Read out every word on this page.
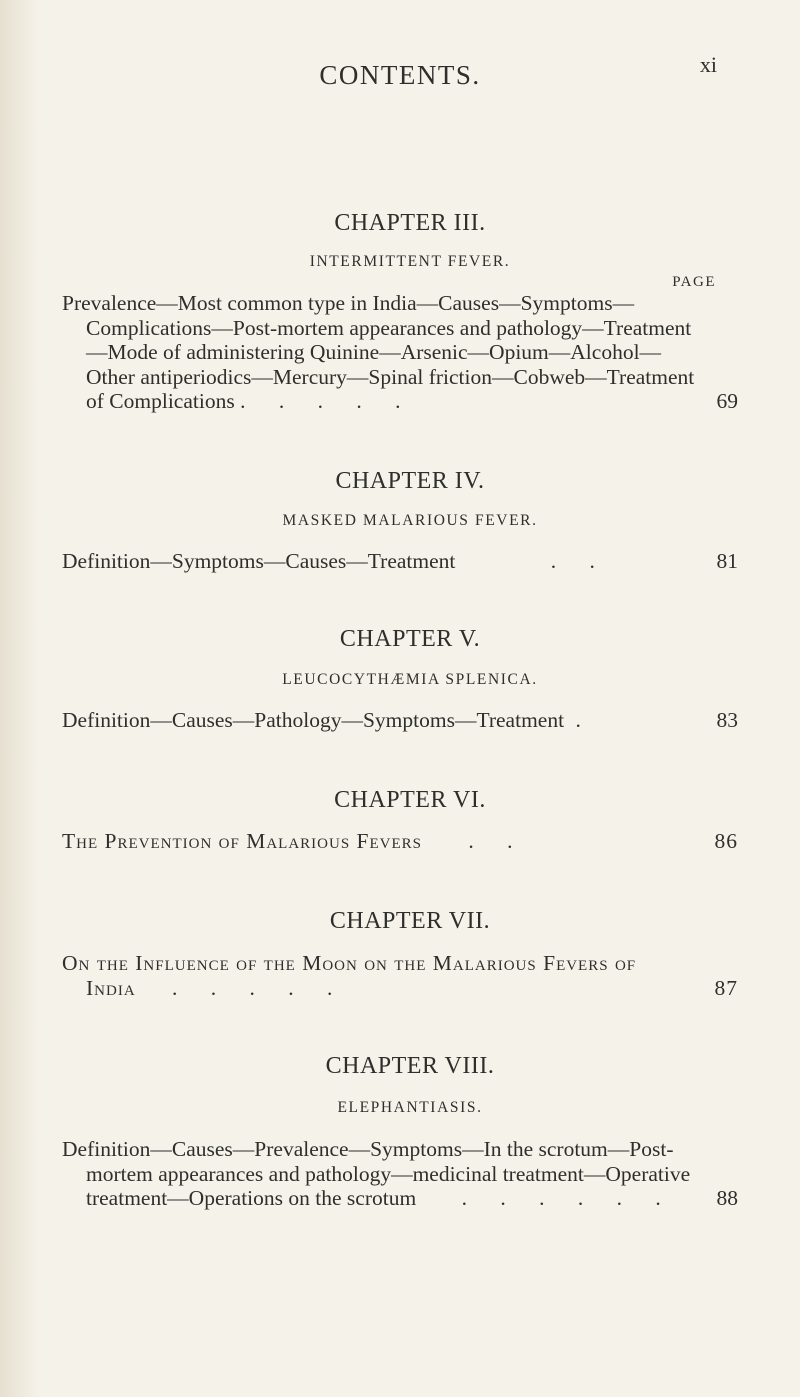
CONTENTS.	xi
CHAPTER III.
INTERMITTENT FEVER.
PAGE
Prevalence—Most common type in India—Causes—Symptoms—Complications—Post-mortem appearances and pathology—Treatment—Mode of administering Quinine—Arsenic—Opium—Alcohol—Other antiperiodics—Mercury—Spinal friction—Cobweb—Treatment of Complications . . . . .	69
CHAPTER IV.
MASKED MALARIOUS FEVER.
Definition—Symptoms—Causes—Treatment	. .	81
CHAPTER V.
LEUCOCYTHÆMIA SPLENICA.
Definition—Causes—Pathology—Symptoms—Treatment .	83
CHAPTER VI.
The Prevention of Malarious Fevers . .	86
CHAPTER VII.
On the Influence of the Moon on the Malarious Fevers of India . . . . .	87
CHAPTER VIII.
ELEPHANTIASIS.
Definition—Causes—Prevalence—Symptoms—In the scrotum—Post-mortem appearances and pathology—medicinal treatment—Operative treatment—Operations on the scrotum . . . . . .	88
